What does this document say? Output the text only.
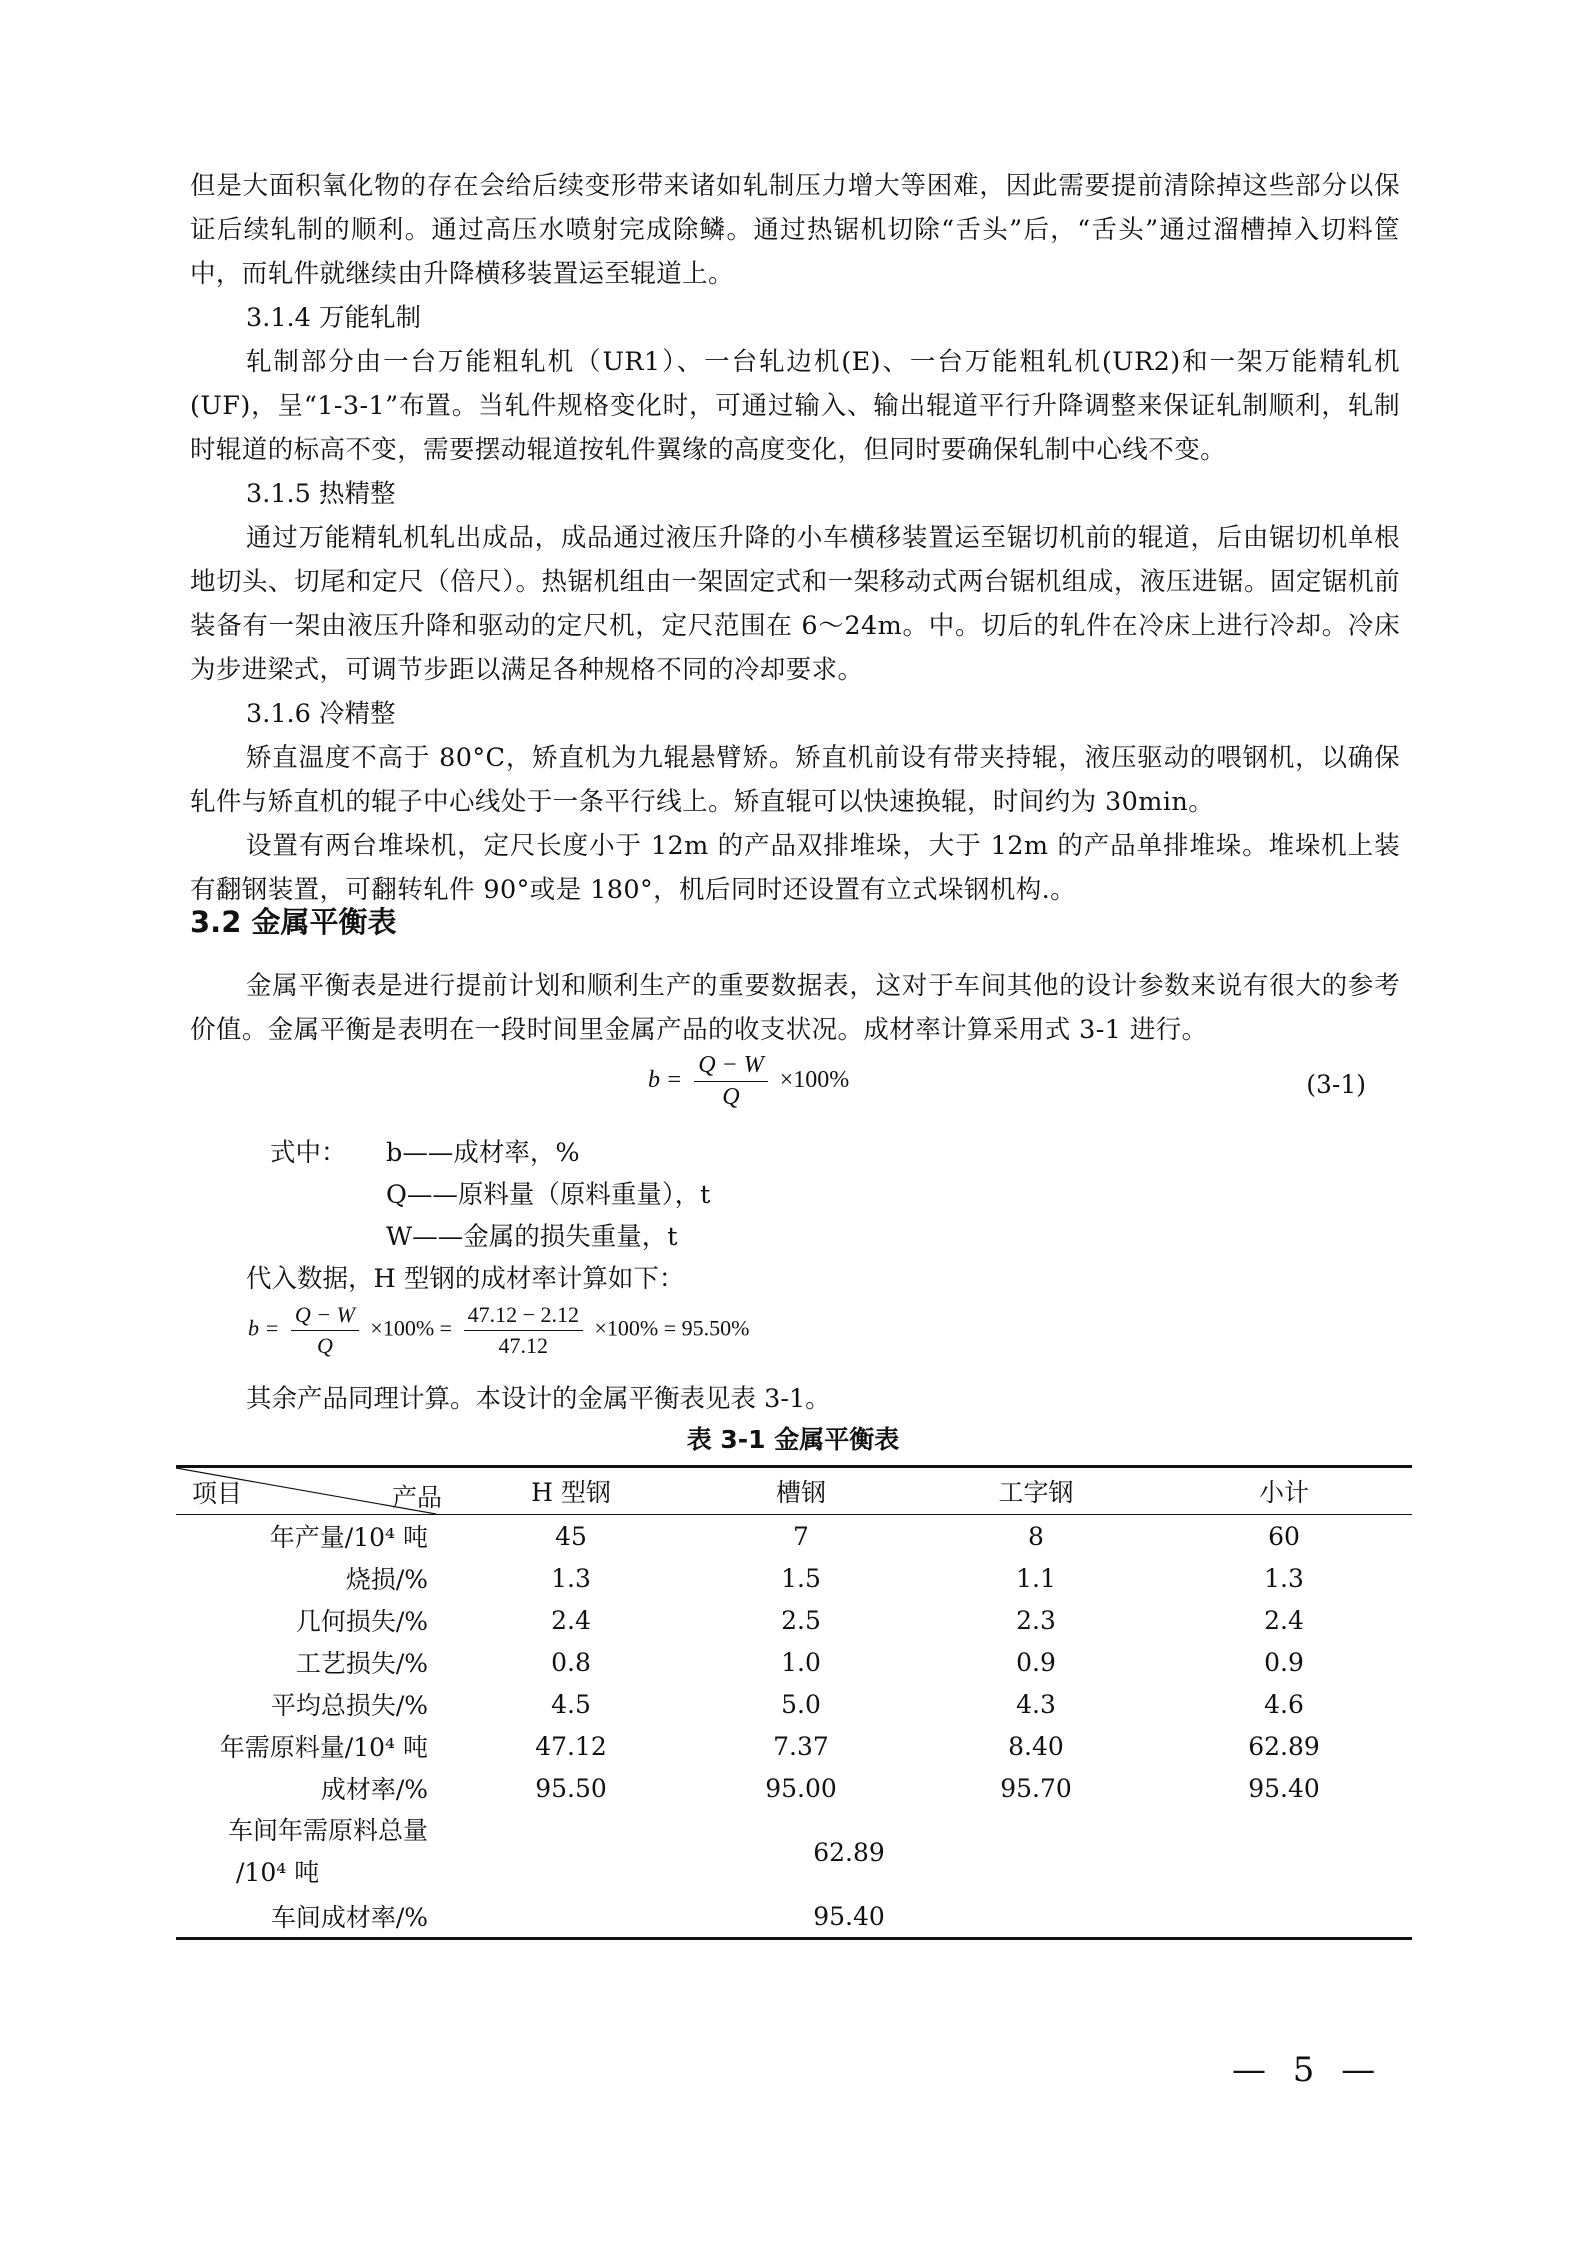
但是大面积氧化物的存在会给后续变形带来诸如轧制压力增大等困难，因此需要提前清除掉这些部分以保证后续轧制的顺利。通过高压水喷射完成除鳞。通过热锯机切除“舌头”后，“舌头”通过溜槽掉入切料筐中，而轧件就继续由升降横移装置运至辊道上。

3.1.4 万能轧制

轧制部分由一台万能粗轧机（UR1）、一台轧边机(E)、一台万能粗轧机(UR2)和一架万能精轧机(UF)，呈“1-3-1”布置。当轧件规格变化时，可通过输入、输出辊道平行升降调整来保证轧制顺利，轧制时辊道的标高不变，需要摆动辊道按轧件翼缘的高度变化，但同时要确保轧制中心线不变。

3.1.5 热精整

通过万能精轧机轧出成品，成品通过液压升降的小车横移装置运至锯切机前的辊道，后由锯切机单根地切头、切尾和定尺（倍尺）。热锯机组由一架固定式和一架移动式两台锯机组成，液压进锯。固定锯机前装备有一架由液压升降和驱动的定尺机，定尺范围在 6～24m。中。切后的轧件在冷床上进行冷却。冷床为步进梁式，可调节步距以满足各种规格不同的冷却要求。

3.1.6 冷精整

矫直温度不高于 80°C，矫直机为九辊悬臂矫。矫直机前设有带夹持辊，液压驱动的喂钢机，以确保轧件与矫直机的辊子中心线处于一条平行线上。矫直辊可以快速换辊，时间约为 30min。

设置有两台堆垛机，定尺长度小于 12m 的产品双排堆垛，大于 12m 的产品单排堆垛。堆垛机上装有翻钢装置，可翻转轧件 90°或是 180°，机后同时还设置有立式垛钢机构.。

3.2 金属平衡表

金属平衡表是进行提前计划和顺利生产的重要数据表，这对于车间其他的设计参数来说有很大的参考价值。金属平衡是表明在一段时间里金属产品的收支状况。成材率计算采用式 3-1 进行。

$b = \frac{Q - W}{Q} \times 100\%$	(3-1)

式中： b——成材率，%

Q——原料量（原料重量），t

W——金属的损失重量，t

代入数据，H 型钢的成材率计算如下：

$b = \frac{Q - W}{Q} \times 100\% = \frac{47.12 - 2.12}{47.12} \times 100\% = 95.50\%$

其余产品同理计算。本设计的金属平衡表见表 3-1。

表 3-1 金属平衡表
项目 产品	H 型钢	槽钢	工字钢	小计
年产量/10⁴ 吨	45	7	8	60
烧损/%	1.3	1.5	1.1	1.3
几何损失/%	2.4	2.5	2.3	2.4
工艺损失/%	0.8	1.0	0.9	0.9
平均总损失/%	4.5	5.0	4.3	4.6
年需原料量/10⁴ 吨	47.12	7.37	8.40	62.89
成材率/%	95.50	95.00	95.70	95.40

车间年需原料总量
/10⁴ 吨	62.89			
车间成材率/%	95.40			
— 5 —
